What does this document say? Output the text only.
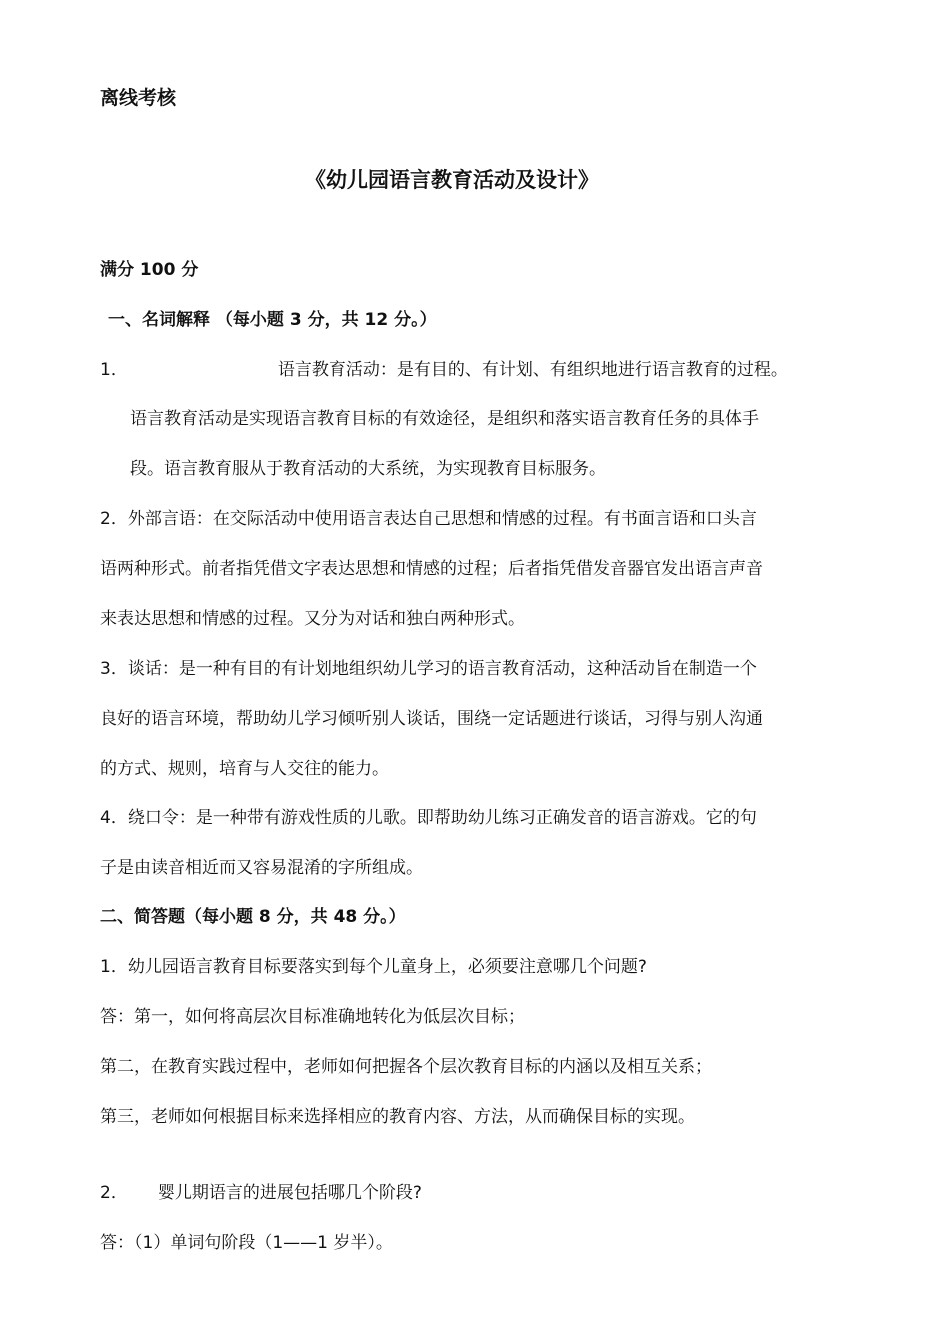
离线考核

《幼儿园语言教育活动及设计》

满分 100 分

一、名词解释 （每小题 3 分，共 12 分。）

1．	语言教育活动：是有目的、有计划、有组织地进行语言教育的过程。

语言教育活动是实现语言教育目标的有效途径，是组织和落实语言教育任务的具体手

段。语言教育服从于教育活动的大系统，为实现教育目标服务。

2．外部言语：在交际活动中使用语言表达自己思想和情感的过程。有书面言语和口头言

语两种形式。前者指凭借文字表达思想和情感的过程；后者指凭借发音器官发出语言声音

来表达思想和情感的过程。又分为对话和独白两种形式。

3．谈话：是一种有目的有计划地组织幼儿学习的语言教育活动，这种活动旨在制造一个

良好的语言环境，帮助幼儿学习倾听别人谈话，围绕一定话题进行谈话，习得与别人沟通

的方式、规则，培育与人交往的能力。

4．绕口令：是一种带有游戏性质的儿歌。即帮助幼儿练习正确发音的语言游戏。它的句

子是由读音相近而又容易混淆的字所组成。

二、简答题（每小题 8 分，共 48 分。）

1．幼儿园语言教育目标要落实到每个儿童身上，必须要注意哪几个问题?

答：第一，如何将高层次目标准确地转化为低层次目标；

第二，在教育实践过程中，老师如何把握各个层次教育目标的内涵以及相互关系；

第三，老师如何根据目标来选择相应的教育内容、方法，从而确保目标的实现。

2． 婴儿期语言的进展包括哪几个阶段?

答：（1）单词句阶段（1——1 岁半）。
